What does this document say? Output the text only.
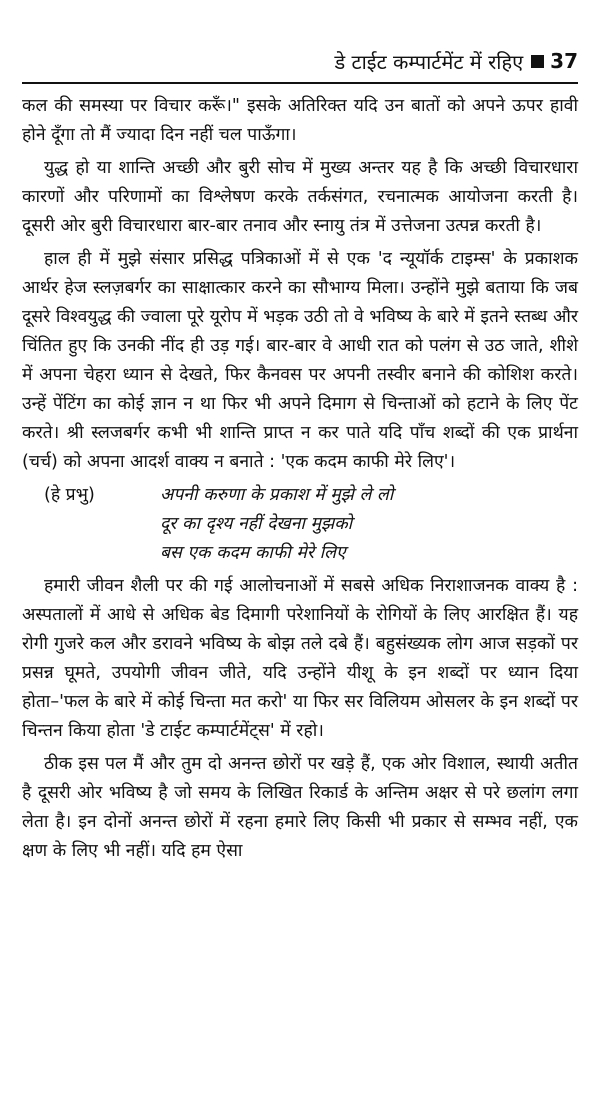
डे टाईट कम्पार्टमेंट में रहिए 37

कल की समस्या पर विचार करूँ।" इसके अतिरिक्त यदि उन बातों को अपने ऊपर हावी होने दूँगा तो मैं ज्यादा दिन नहीं चल पाऊँगा।

युद्ध हो या शान्ति अच्छी और बुरी सोच में मुख्य अन्तर यह है कि अच्छी विचारधारा कारणों और परिणामों का विश्लेषण करके तर्कसंगत, रचनात्मक आयोजना करती है। दूसरी ओर बुरी विचारधारा बार-बार तनाव और स्नायु तंत्र में उत्तेजना उत्पन्न करती है।

हाल ही में मुझे संसार प्रसिद्ध पत्रिकाओं में से एक 'द न्यूयॉर्क टाइम्स' के प्रकाशक आर्थर हेज स्लज़बर्गर का साक्षात्कार करने का सौभाग्य मिला। उन्होंने मुझे बताया कि जब दूसरे विश्वयुद्ध की ज्वाला पूरे यूरोप में भड़क उठी तो वे भविष्य के बारे में इतने स्तब्ध और चिंतित हुए कि उनकी नींद ही उड़ गई। बार-बार वे आधी रात को पलंग से उठ जाते, शीशे में अपना चेहरा ध्यान से देखते, फिर कैनवस पर अपनी तस्वीर बनाने की कोशिश करते। उन्हें पेंटिंग का कोई ज्ञान न था फिर भी अपने दिमाग से चिन्ताओं को हटाने के लिए पेंट करते। श्री स्लजबर्गर कभी भी शान्ति प्राप्त न कर पाते यदि पाँच शब्दों की एक प्रार्थना (चर्च) को अपना आदर्श वाक्य न बनाते : 'एक कदम काफी मेरे लिए'।

(हे प्रभु)	अपनी करुणा के प्रकाश में मुझे ले लो
दूर का दृश्य नहीं देखना मुझको
बस एक कदम काफी मेरे लिए

हमारी जीवन शैली पर की गई आलोचनाओं में सबसे अधिक निराशाजनक वाक्य है : अस्पतालों में आधे से अधिक बेड दिमागी परेशानियों के रोगियों के लिए आरक्षित हैं। यह रोगी गुजरे कल और डरावने भविष्य के बोझ तले दबे हैं। बहुसंख्यक लोग आज सड़कों पर प्रसन्न घूमते, उपयोगी जीवन जीते, यदि उन्होंने यीशू के इन शब्दों पर ध्यान दिया होता–'फल के बारे में कोई चिन्ता मत करो' या फिर सर विलियम ओसलर के इन शब्दों पर चिन्तन किया होता 'डे टाईट कम्पार्टमेंट्स' में रहो।

ठीक इस पल मैं और तुम दो अनन्त छोरों पर खड़े हैं, एक ओर विशाल, स्थायी अतीत है दूसरी ओर भविष्य है जो समय के लिखित रिकार्ड के अन्तिम अक्षर से परे छलांग लगा लेता है। इन दोनों अनन्त छोरों में रहना हमारे लिए किसी भी प्रकार से सम्भव नहीं, एक क्षण के लिए भी नहीं। यदि हम ऐसा
